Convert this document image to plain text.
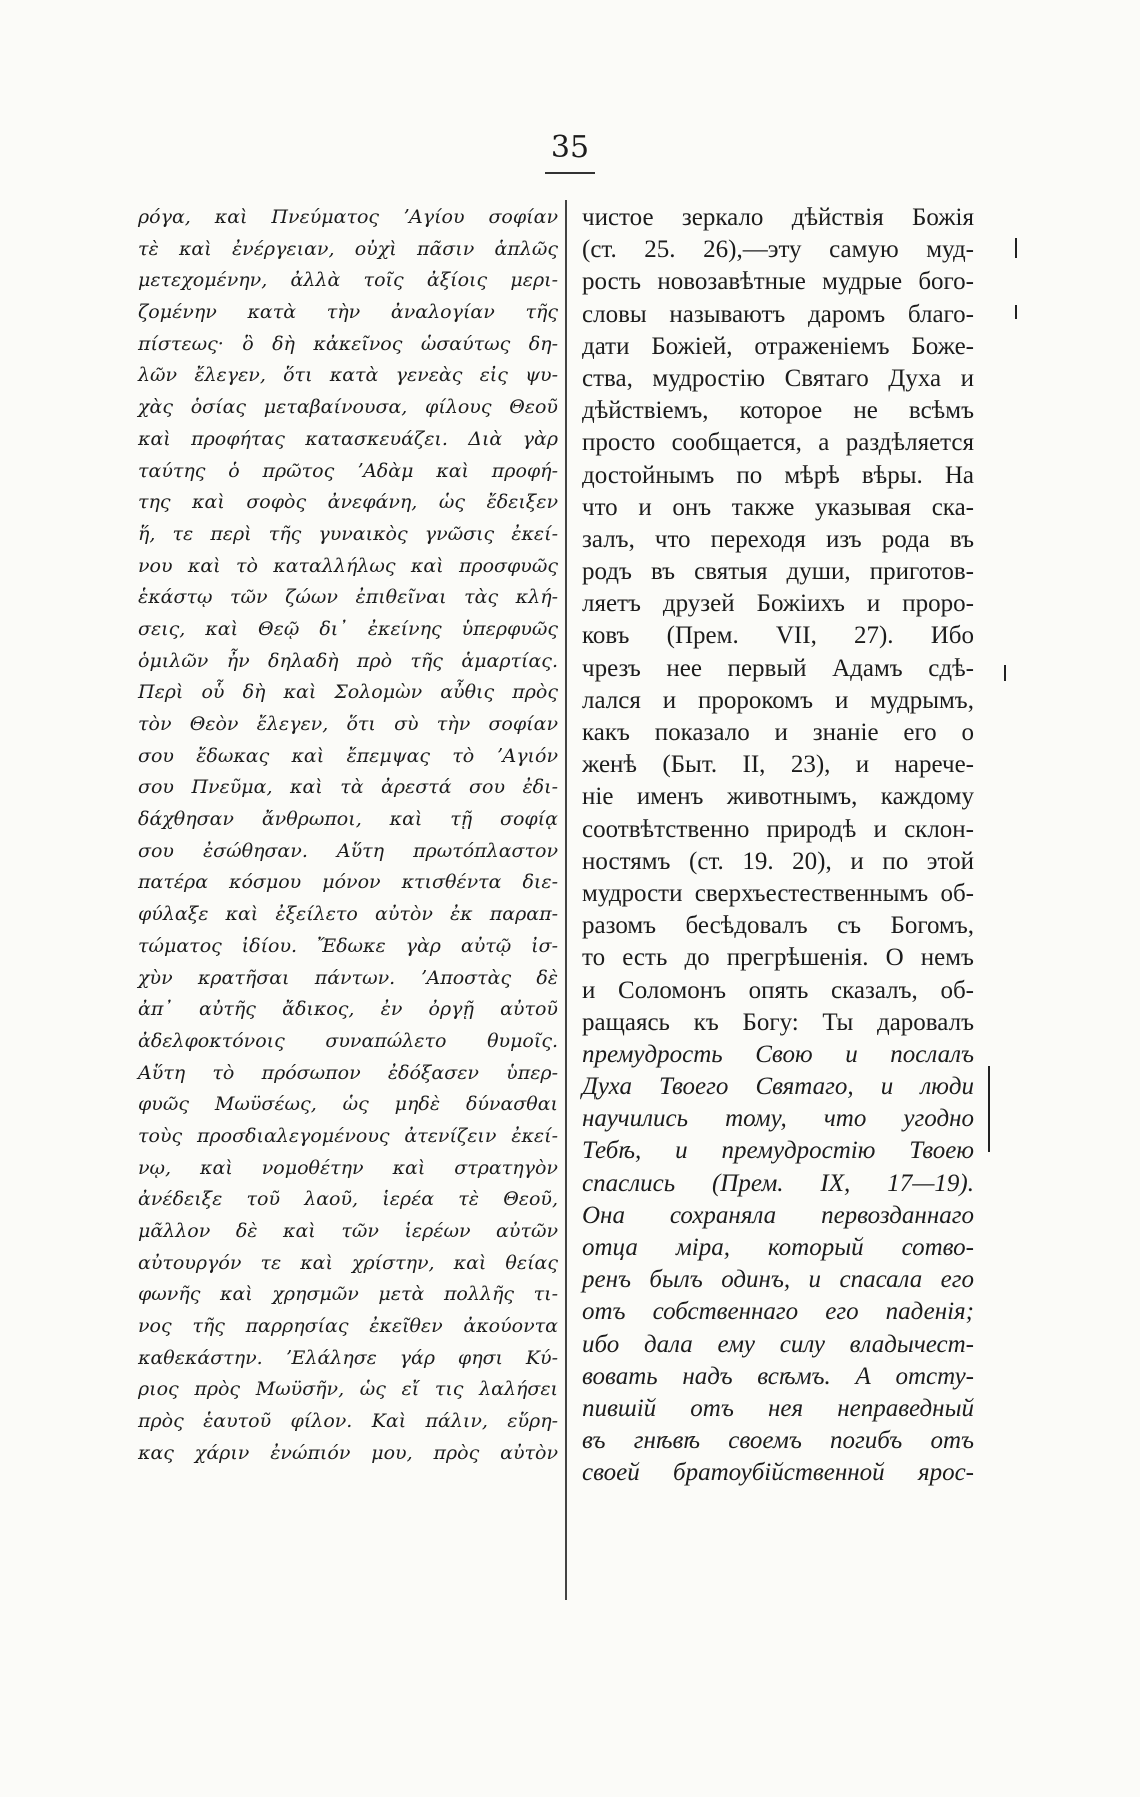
35
ρόγα, καὶ Πνεύματος ʼΑγίου σοφίαν
τὲ καὶ ἐνέργειαν, οὐχὶ πᾶσιν ἁπλῶς
μετεχομένην, ἀλλὰ τοῖς ἀξίοις μερι-
ζομένην κατὰ τὴν ἀναλογίαν τῆς
πίστεως· ὃ δὴ κἀκεῖνος ὡσαύτως δη-
λῶν ἔλεγεν, ὅτι κατὰ γενεὰς εἰς ψυ-
χὰς ὁσίας μεταβαίνουσα, φίλους Θεοῦ
καὶ προφήτας κατασκευάζει. Διὰ γὰρ
ταύτης ὁ πρῶτος ʼΑδὰμ καὶ προφή-
της καὶ σοφὸς ἀνεφάνη, ὡς ἔδειξεν
ἥ, τε περὶ τῆς γυναικὸς γνῶσις ἐκεί-
νου καὶ τὸ καταλλήλως καὶ προσφυῶς
ἑκάστῳ τῶν ζώων ἐπιθεῖναι τὰς κλή-
σεις, καὶ Θεῷ δι᾿ ἐκείνης ὑπερφυῶς
ὁμιλῶν ἦν δηλαδὴ πρὸ τῆς ἁμαρτίας.
Περὶ οὗ δὴ καὶ Σολομὼν αὖθις πρὸς
τὸν Θεὸν ἔλεγεν, ὅτι σὺ τὴν σοφίαν
σου ἔδωκας καὶ ἔπεμψας τὸ ʼΑγιόν
σου Πνεῦμα, καὶ τὰ ἀρεστά σου ἐδι-
δάχθησαν ἄνθρωποι, καὶ τῇ σοφίᾳ
σου ἐσώθησαν. Αὕτη πρωτόπλαστον
πατέρα κόσμου μόνον κτισθέντα διε-
φύλαξε καὶ ἐξείλετο αὐτὸν ἐκ παραπ-
τώματος ἰδίου. Ἔδωκε γὰρ αὐτῷ ἰσ-
χὺν κρατῆσαι πάντων. ʼΑποστὰς δὲ
ἀπ᾿ αὐτῆς ἄδικος, ἐν ὀργῇ αὐτοῦ
ἀδελφοκτόνοις συναπώλετο θυμοῖς.
Αὕτη τὸ πρόσωπον ἐδόξασεν ὑπερ-
φυῶς Μωϋσέως, ὡς μηδὲ δύνασθαι
τοὺς προσδιαλεγομένους ἀτενίζειν ἐκεί-
νῳ, καὶ νομοθέτην καὶ στρατηγὸν
ἀνέδειξε τοῦ λαοῦ, ἱερέα τὲ Θεοῦ,
μᾶλλον δὲ καὶ τῶν ἱερέων αὐτῶν
αὐτουργόν τε καὶ χρίστην, καὶ θείας
φωνῆς καὶ χρησμῶν μετὰ πολλῆς τι-
νος τῆς παρρησίας ἐκεῖθεν ἀκούοντα
καθεκάστην. ʼΕλάλησε γάρ φησι Κύ-
ριος πρὸς Μωϋσῆν, ὡς εἴ τις λαλήσει
πρὸς ἑαυτοῦ φίλον. Καὶ πάλιν, εὕρη-
κας χάριν ἐνώπιόν μου, πρὸς αὐτὸν
чистое зеркало дѣйствія Божія
(ст. 25. 26),—эту самую муд-
рость новозавѣтные мудрые бого-
словы называютъ даромъ благо-
дати Божіей, отраженіемъ Боже-
ства, мудростію Святаго Духа и
дѣйствіемъ, которое не всѣмъ
просто сообщается, а раздѣляется
достойнымъ по мѣрѣ вѣры. На
что и онъ также указывая ска-
залъ, что переходя изъ рода въ
родъ въ святыя души, приготов-
ляетъ друзей Божіихъ и проро-
ковъ (Прем. VII, 27). Ибо
чрезъ нее первый Адамъ сдѣ-
лался и пророкомъ и мудрымъ,
какъ показало и знаніе его о
женѣ (Быт. II, 23), и нарече-
ніе именъ животнымъ, каждому
соотвѣтственно природѣ и склон-
ностямъ (ст. 19. 20), и по этой
мудрости сверхъестественнымъ об-
разомъ бесѣдовалъ съ Богомъ,
то есть до прегрѣшенія. О немъ
и Соломонъ опять сказалъ, об-
ращаясь къ Богу: Ты даровалъ
премудрость Свою и послалъ
Духа Твоего Святаго, и люди
научились тому, что угодно
Тебѣ, и премудростію Твоею
спаслись (Прем. IX, 17—19).
Она сохраняла первозданнаго
отца міра, который сотво-
ренъ былъ одинъ, и спасала его
отъ собственнаго его паденія;
ибо дала ему силу владычест-
вовать надъ всѣмъ. А отсту-
пившій отъ нея неправедный
въ гнѣвѣ своемъ погибъ отъ
своей братоубійственной ярос-
